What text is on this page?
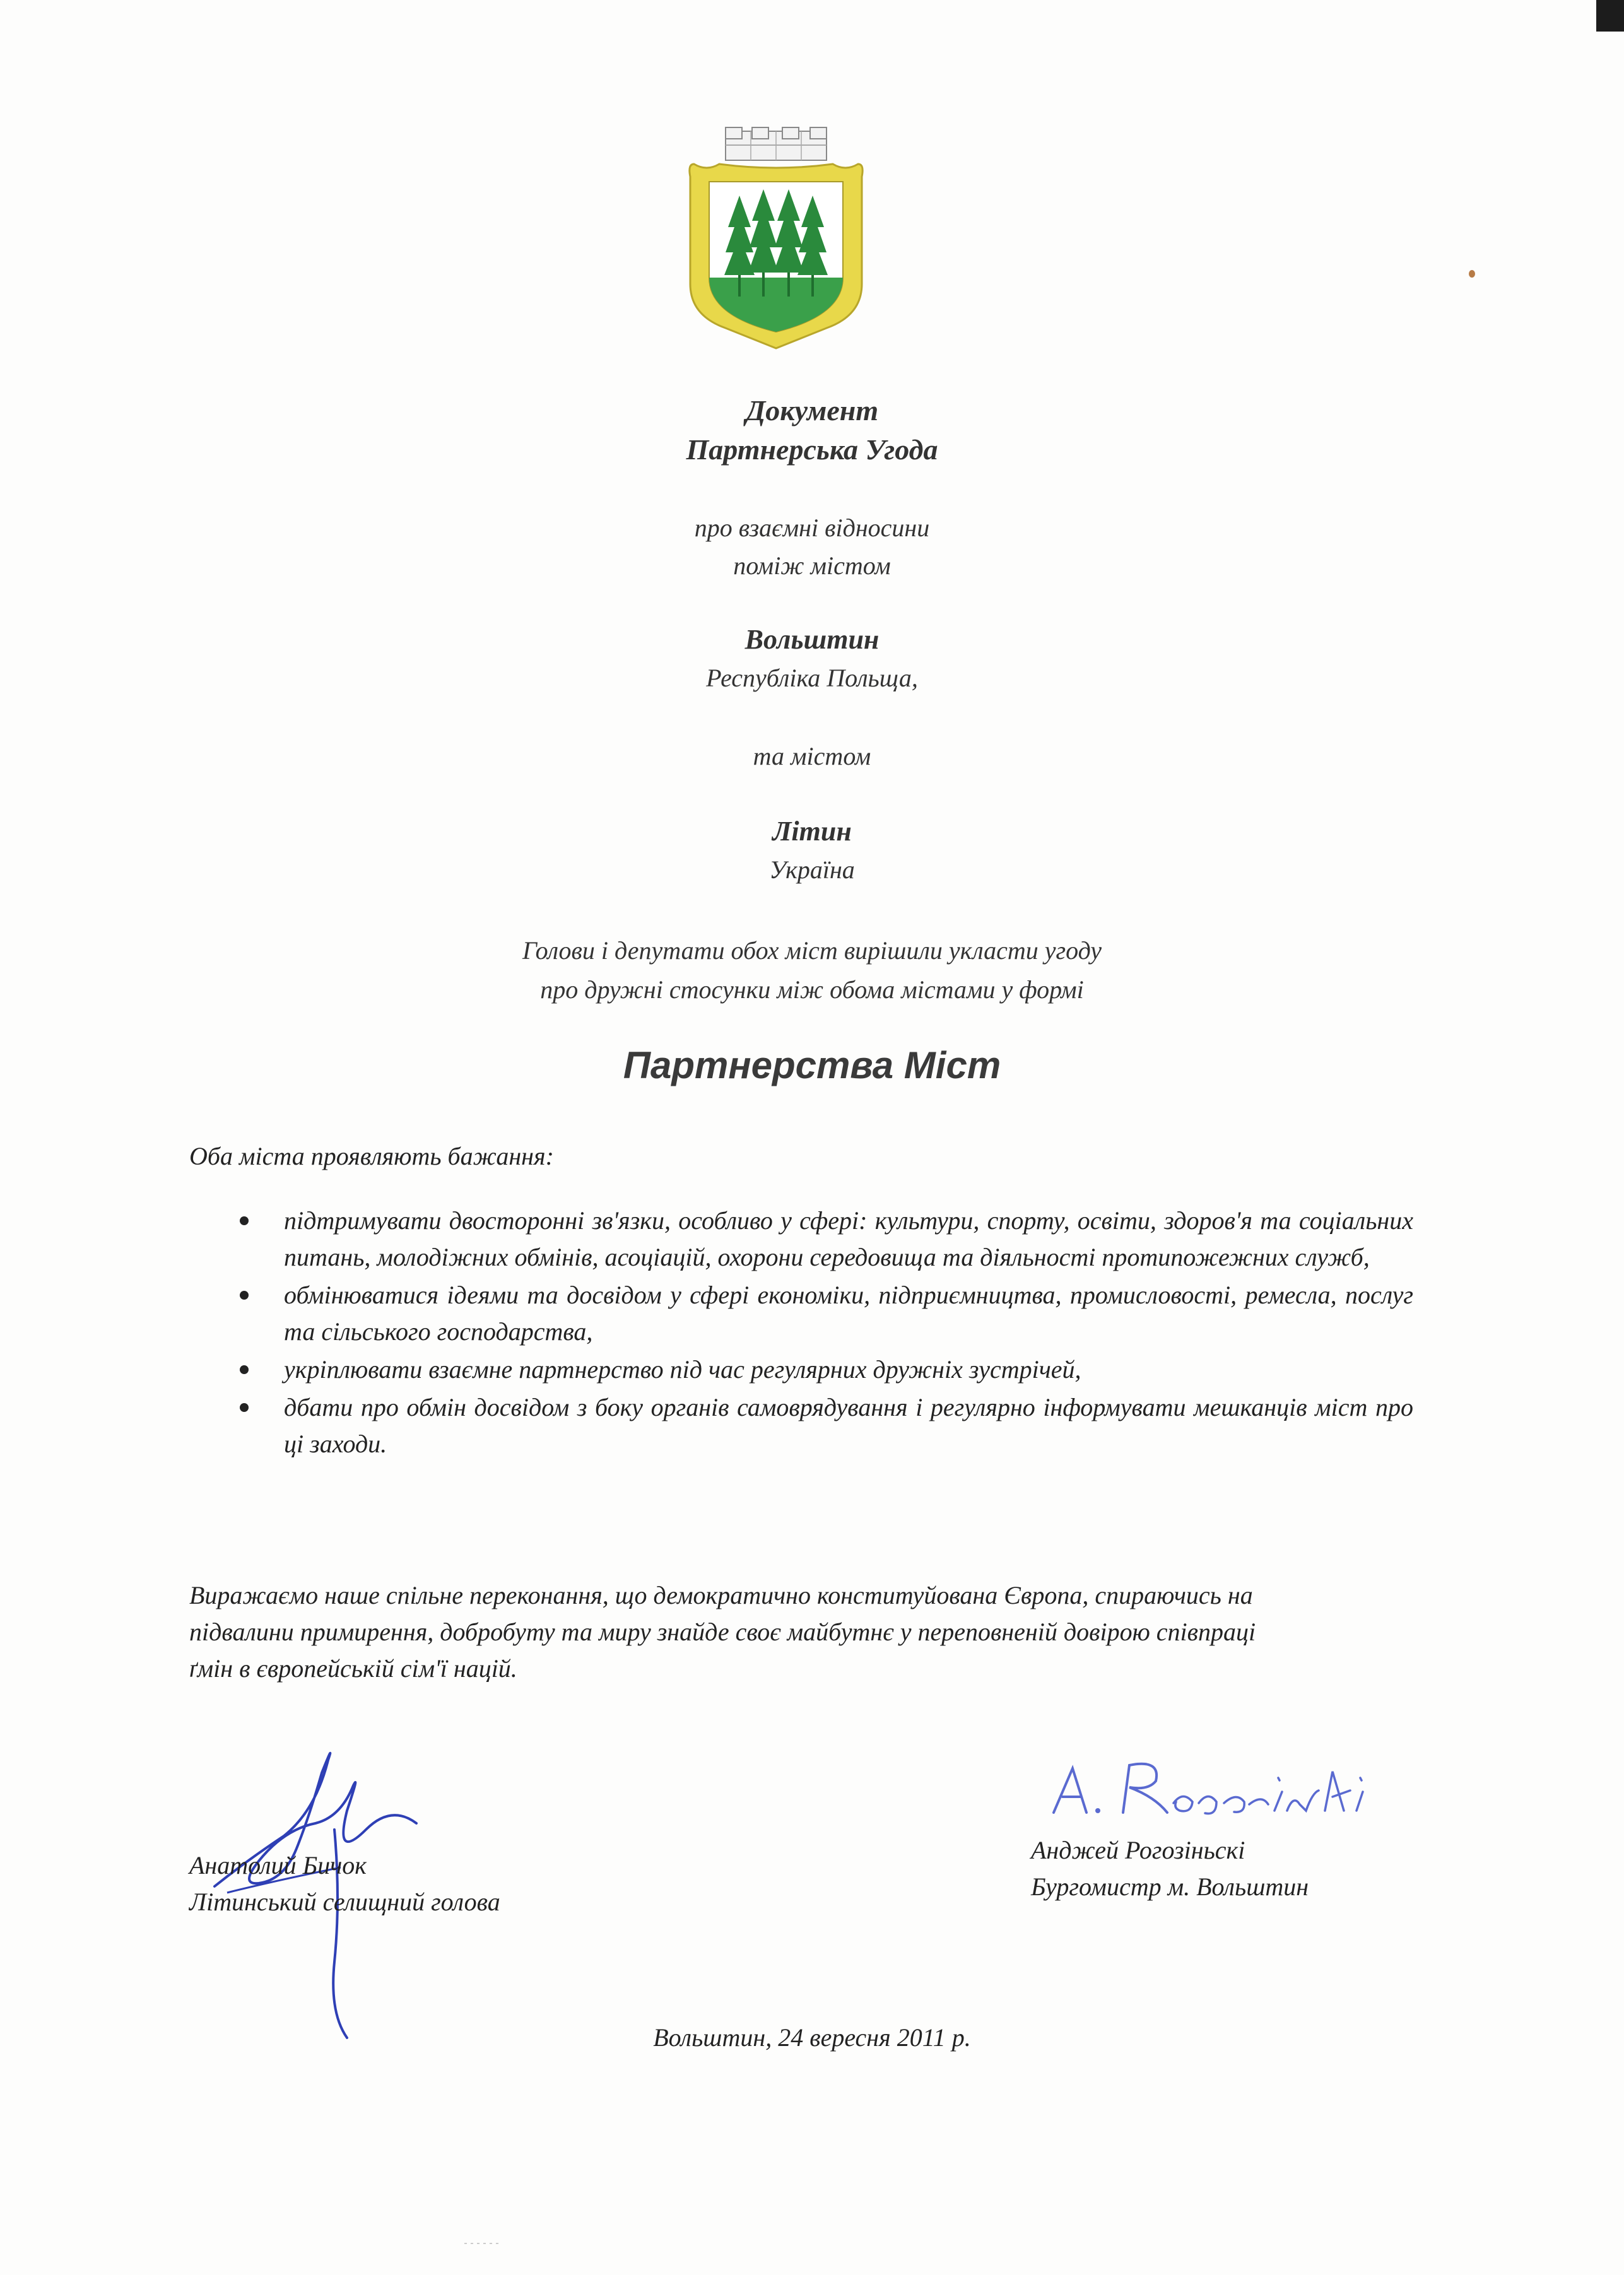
Документ
Партнерська Угода
про взаємні відносини
поміж містом
Вольштин
Республіка Польща,
та містом
Літин
Україна
Голови і депутати обох міст вирішили укласти угоду
про дружні стосунки між обома містами у формі
Партнерства Міст
Оба міста проявляють бажання:
підтримувати двосторонні зв'язки, особливо у сфері: культури, спорту, освіти, здоров'я та соціальних питань, молодіжних обмінів, асоціацій, охорони середовища та діяльності протипожежних служб,
обмінюватися ідеями та досвідом у сфері економіки, підприємництва, промисловості, ремесла, послуг та сільського господарства,
укріплювати взаємне партнерство під час регулярних дружніх зустрічей,
дбати про обмін досвідом з боку органів самоврядування і регулярно інформувати мешканців міст про ці заходи.
Виражаємо наше спільне переконання, що демократично конституйована Європа, спираючись на
підвалини примирення, добробуту та миру знайде своє майбутнє у переповненій довірою співпраці
ґмін в європейській сім'ї націй.
Анатолий Бичок
Літинський селищний голова
Анджей Рогозіньскі
Бургомистр м. Вольштин
Вольштин, 24 вересня 2011 р.
